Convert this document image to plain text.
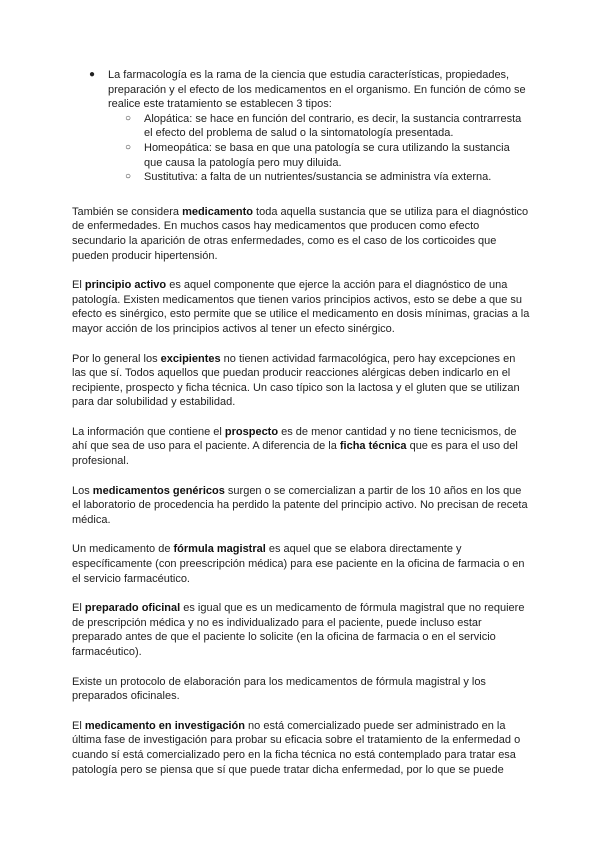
● La farmacología es la rama de la ciencia que estudia características, propiedades, preparación y el efecto de los medicamentos en el organismo. En función de cómo se realice este tratamiento se establecen 3 tipos:
○ Alopática: se hace en función del contrario, es decir, la sustancia contrarresta el efecto del problema de salud o la sintomatología presentada.
○ Homeopática: se basa en que una patología se cura utilizando la sustancia que causa la patología pero muy diluida.
○ Sustitutiva: a falta de un nutrientes/sustancia se administra vía externa.

También se considera medicamento toda aquella sustancia que se utiliza para el diagnóstico de enfermedades. En muchos casos hay medicamentos que producen como efecto secundario la aparición de otras enfermedades, como es el caso de los corticoides que pueden producir hipertensión.

El principio activo es aquel componente que ejerce la acción para el diagnóstico de una patología. Existen medicamentos que tienen varios principios activos, esto se debe a que su efecto es sinérgico, esto permite que se utilice el medicamento en dosis mínimas, gracias a la mayor acción de los principios activos al tener un efecto sinérgico.

Por lo general los excipientes no tienen actividad farmacológica, pero hay excepciones en las que sí. Todos aquellos que puedan producir reacciones alérgicas deben indicarlo en el recipiente, prospecto y ficha técnica. Un caso típico son la lactosa y el gluten que se utilizan para dar solubilidad y estabilidad.

La información que contiene el prospecto es de menor cantidad y no tiene tecnicismos, de ahí que sea de uso para el paciente. A diferencia de la ficha técnica que es para el uso del profesional.

Los medicamentos genéricos surgen o se comercializan a partir de los 10 años en los que el laboratorio de procedencia ha perdido la patente del principio activo. No precisan de receta médica.

Un medicamento de fórmula magistral es aquel que se elabora directamente y específicamente (con preescripción médica) para ese paciente en la oficina de farmacia o en el servicio farmacéutico.

El preparado oficinal es igual que es un medicamento de fórmula magistral que no requiere de prescripción médica y no es individualizado para el paciente, puede incluso estar preparado antes de que el paciente lo solicite (en la oficina de farmacia o en el servicio farmacéutico).

Existe un protocolo de elaboración para los medicamentos de fórmula magistral y los preparados oficinales.

El medicamento en investigación no está comercializado puede ser administrado en la última fase de investigación para probar su eficacia sobre el tratamiento de la enfermedad o cuando sí está comercializado pero en la ficha técnica no está contemplado para tratar esa patología pero se piensa que sí que puede tratar dicha enfermedad, por lo que se puede
